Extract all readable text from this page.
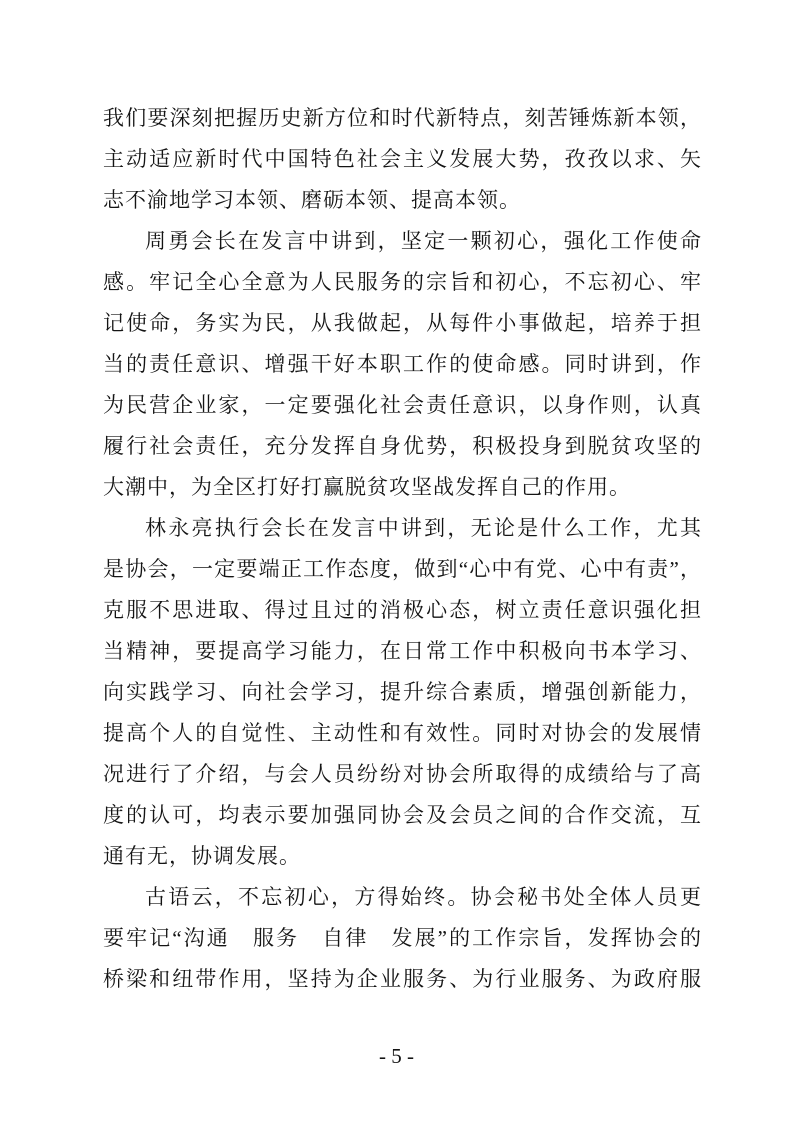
我们要深刻把握历史新方位和时代新特点，刻苦锤炼新本领，
主动适应新时代中国特色社会主义发展大势，孜孜以求、矢
志不渝地学习本领、磨砺本领、提高本领。
周勇会长在发言中讲到，坚定一颗初心，强化工作使命
感。牢记全心全意为人民服务的宗旨和初心，不忘初心、牢
记使命，务实为民，从我做起，从每件小事做起，培养于担
当的责任意识、增强干好本职工作的使命感。同时讲到，作
为民营企业家，一定要强化社会责任意识，以身作则，认真
履行社会责任，充分发挥自身优势，积极投身到脱贫攻坚的
大潮中，为全区打好打赢脱贫攻坚战发挥自己的作用。
林永亮执行会长在发言中讲到，无论是什么工作，尤其
是协会，一定要端正工作态度，做到“心中有党、心中有责”，
克服不思进取、得过且过的消极心态，树立责任意识强化担
当精神，要提高学习能力，在日常工作中积极向书本学习、
向实践学习、向社会学习，提升综合素质，增强创新能力，
提高个人的自觉性、主动性和有效性。同时对协会的发展情
况进行了介绍，与会人员纷纷对协会所取得的成绩给与了高
度的认可，均表示要加强同协会及会员之间的合作交流，互
通有无，协调发展。
古语云，不忘初心，方得始终。协会秘书处全体人员更
要牢记“沟通　服务　自律　发展”的工作宗旨，发挥协会的
桥梁和纽带作用，坚持为企业服务、为行业服务、为政府服
- 5 -
